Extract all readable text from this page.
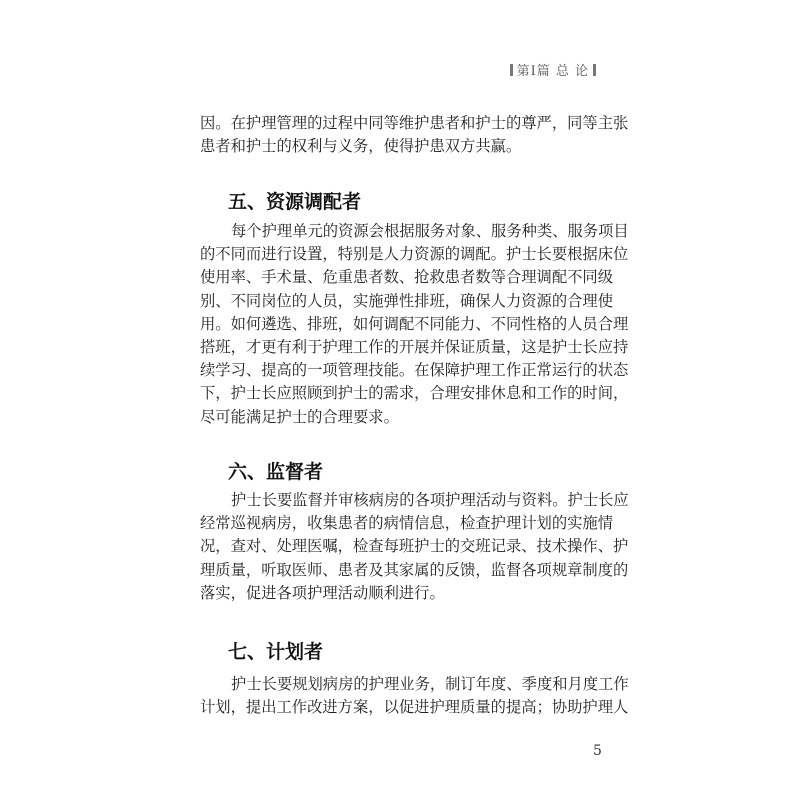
第Ⅰ篇 总 论
因。在护理管理的过程中同等维护患者和护士的尊严，同等主张
患者和护士的权利与义务，使得护患双方共赢。
五、资源调配者
每个护理单元的资源会根据服务对象、服务种类、服务项目
的不同而进行设置，特别是人力资源的调配。护士长要根据床位
使用率、手术量、危重患者数、抢救患者数等合理调配不同级
别、不同岗位的人员，实施弹性排班，确保人力资源的合理使
用。如何遴选、排班，如何调配不同能力、不同性格的人员合理
搭班，才更有利于护理工作的开展并保证质量，这是护士长应持
续学习、提高的一项管理技能。在保障护理工作正常运行的状态
下，护士长应照顾到护士的需求，合理安排休息和工作的时间，
尽可能满足护士的合理要求。
六、监督者
护士长要监督并审核病房的各项护理活动与资料。护士长应
经常巡视病房，收集患者的病情信息，检查护理计划的实施情
况，查对、处理医嘱，检查每班护士的交班记录、技术操作、护
理质量，听取医师、患者及其家属的反馈，监督各项规章制度的
落实，促进各项护理活动顺利进行。
七、计划者
护士长要规划病房的护理业务，制订年度、季度和月度工作
计划，提出工作改进方案，以促进护理质量的提高；协助护理人
5
